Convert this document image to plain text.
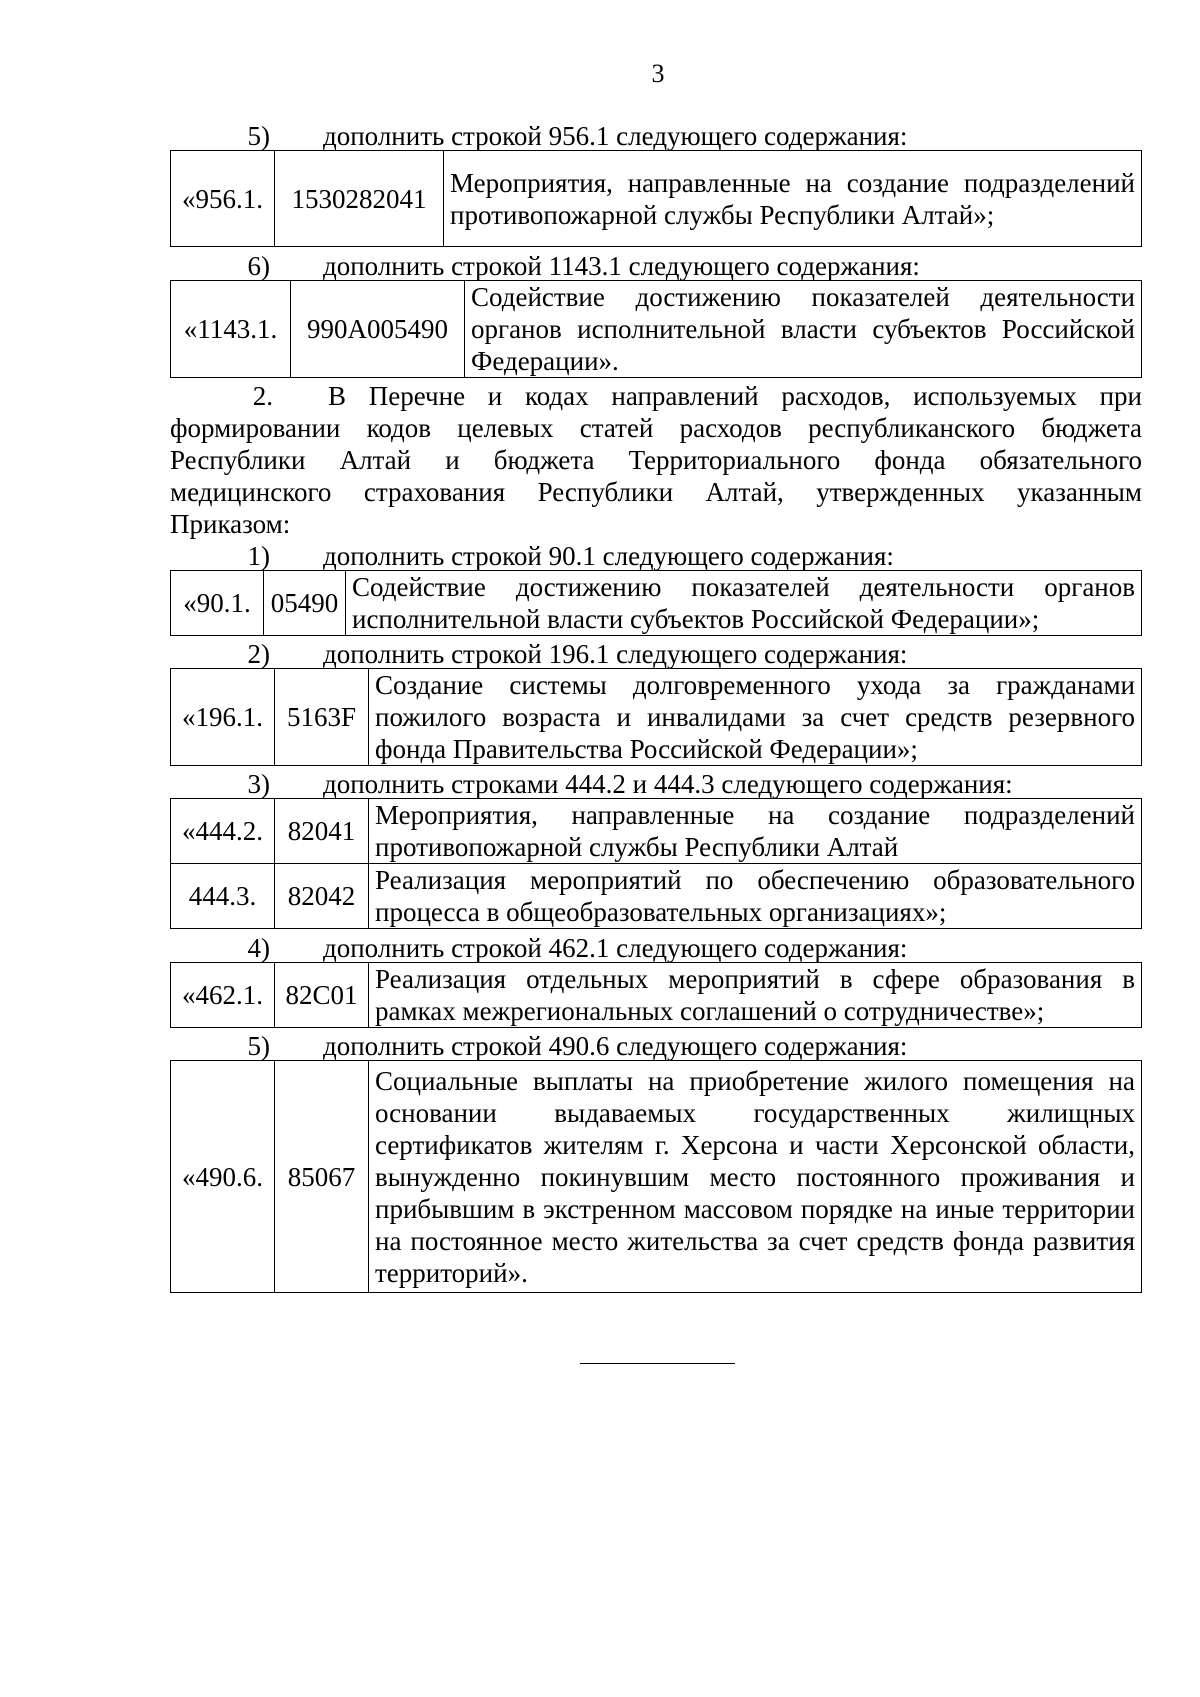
3
5) дополнить строкой 956.1 следующего содержания:
«956.1.	1530282041	Мероприятия, направленные на создание подразделений противопожарной службы Республики Алтай»;
6) дополнить строкой 1143.1 следующего содержания:
«1143.1.	990А005490	Содействие достижению показателей деятельности органов исполнительной власти субъектов Российской Федерации».
2. В Перечне и кодах направлений расходов, используемых при
формировании кодов целевых статей расходов республиканского бюджета
Республики Алтай и бюджета Территориального фонда обязательного
медицинского страхования Республики Алтай, утвержденных указанным
Приказом:
1) дополнить строкой 90.1 следующего содержания:
«90.1.	05490	Содействие достижению показателей деятельности органов исполнительной власти субъектов Российской Федерации»;
2) дополнить строкой 196.1 следующего содержания:
«196.1.	5163F	Создание системы долговременного ухода за гражданами пожилого возраста и инвалидами за счет средств резервного фонда Правительства Российской Федерации»;
3) дополнить строками 444.2 и 444.3 следующего содержания:
«444.2.	82041	Мероприятия, направленные на создание подразделений противопожарной службы Республики Алтай
444.3.	82042	Реализация мероприятий по обеспечению образовательного процесса в общеобразовательных организациях»;
4) дополнить строкой 462.1 следующего содержания:
«462.1.	82С01	Реализация отдельных мероприятий в сфере образования в рамках межрегиональных соглашений о сотрудничестве»;
5) дополнить строкой 490.6 следующего содержания:
«490.6.	85067	Социальные выплаты на приобретение жилого помещения на основании выдаваемых государственных жилищных сертификатов жителям г. Херсона и части Херсонской области, вынужденно покинувшим место постоянного проживания и прибывшим в экстренном массовом порядке на иные территории на постоянное место жительства за счет средств фонда развития территорий».
